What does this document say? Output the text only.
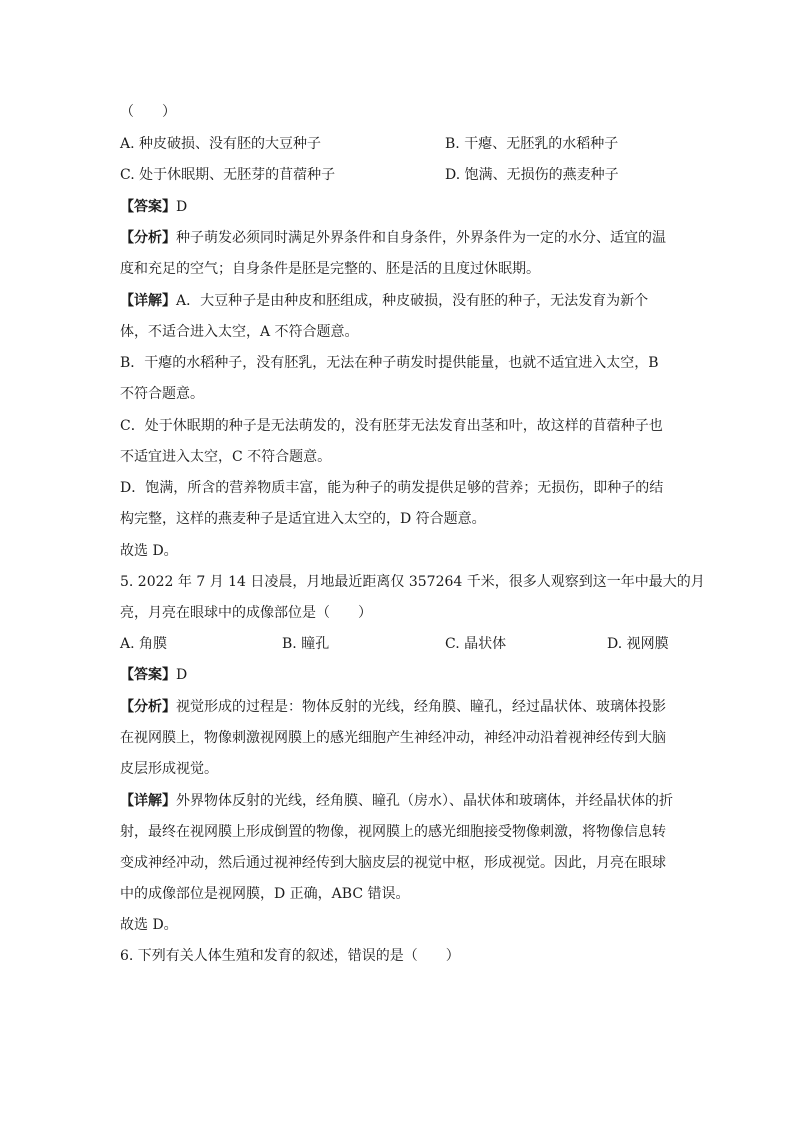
（　　）
A. 种皮破损、没有胚的大豆种子	B. 干瘪、无胚乳的水稻种子
C. 处于休眠期、无胚芽的苜蓿种子	D. 饱满、无损伤的燕麦种子
【答案】D
【分析】种子萌发必须同时满足外界条件和自身条件，外界条件为一定的水分、适宜的温
度和充足的空气；自身条件是胚是完整的、胚是活的且度过休眠期。
【详解】A．大豆种子是由种皮和胚组成，种皮破损，没有胚的种子，无法发育为新个
体，不适合进入太空，A 不符合题意。
B．干瘪的水稻种子，没有胚乳，无法在种子萌发时提供能量，也就不适宜进入太空，B
不符合题意。
C．处于休眠期的种子是无法萌发的，没有胚芽无法发育出茎和叶，故这样的苜蓿种子也
不适宜进入太空，C 不符合题意。
D．饱满，所含的营养物质丰富，能为种子的萌发提供足够的营养；无损伤，即种子的结
构完整，这样的燕麦种子是适宜进入太空的，D 符合题意。
故选 D。
5. 2022 年 7 月 14 日凌晨，月地最近距离仅 357264 千米，很多人观察到这一年中最大的月
亮，月亮在眼球中的成像部位是（　　）
A. 角膜	B. 瞳孔	C. 晶状体	D. 视网膜
【答案】D
【分析】视觉形成的过程是：物体反射的光线，经角膜、瞳孔，经过晶状体、玻璃体投影
在视网膜上，物像刺激视网膜上的感光细胞产生神经冲动，神经冲动沿着视神经传到大脑
皮层形成视觉。
【详解】外界物体反射的光线，经角膜、瞳孔（房水）、晶状体和玻璃体，并经晶状体的折
射，最终在视网膜上形成倒置的物像，视网膜上的感光细胞接受物像刺激，将物像信息转
变成神经冲动，然后通过视神经传到大脑皮层的视觉中枢，形成视觉。因此，月亮在眼球
中的成像部位是视网膜，D 正确，ABC 错误。
故选 D。
6. 下列有关人体生殖和发育的叙述，错误的是（　　）
